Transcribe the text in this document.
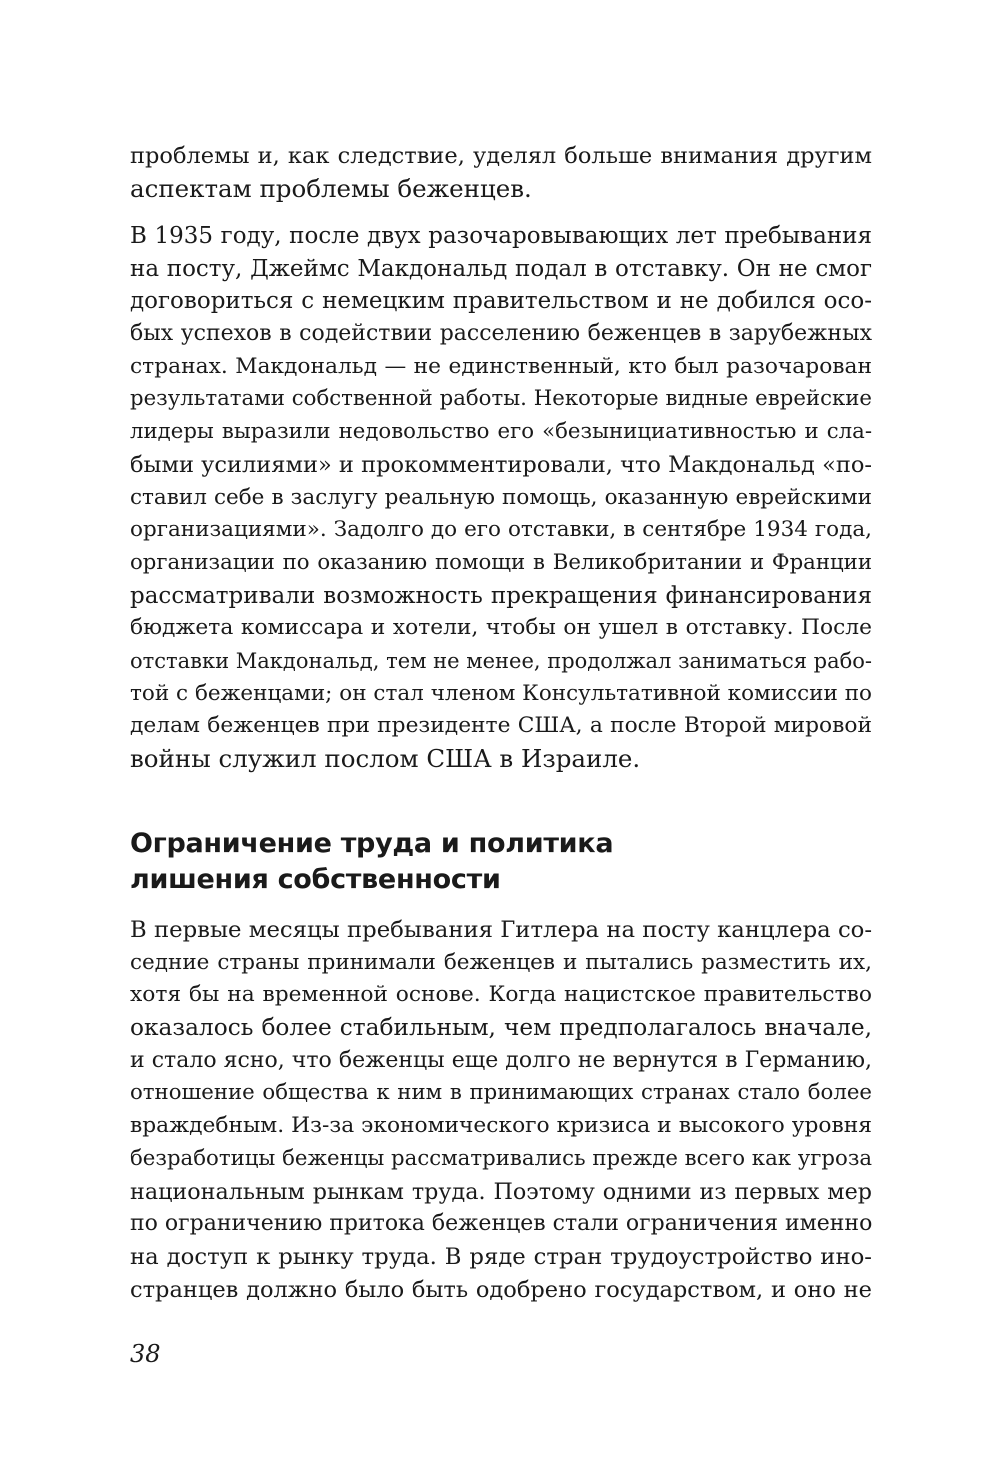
проблемы и, как следствие, уделял больше внимания другим
аспектам проблемы беженцев.
В 1935 году, после двух разочаровывающих лет пребывания
на посту, Джеймс Макдональд подал в отставку. Он не смог
договориться с немецким правительством и не добился осо-
бых успехов в содействии расселению беженцев в зарубежных
странах. Макдональд — не единственный, кто был разочарован
результатами собственной работы. Некоторые видные еврейские
лидеры выразили недовольство его «безынициативностью и сла-
быми усилиями» и прокомментировали, что Макдональд «по-
ставил себе в заслугу реальную помощь, оказанную еврейскими
организациями». Задолго до его отставки, в сентябре 1934 года,
организации по оказанию помощи в Великобритании и Франции
рассматривали возможность прекращения финансирования
бюджета комиссара и хотели, чтобы он ушел в отставку. После
отставки Макдональд, тем не менее, продолжал заниматься рабо-
той с беженцами; он стал членом Консультативной комиссии по
делам беженцев при президенте США, а после Второй мировой
войны служил послом США в Израиле.
Ограничение труда и политика
лишения собственности
В первые месяцы пребывания Гитлера на посту канцлера со-
седние страны принимали беженцев и пытались разместить их,
хотя бы на временной основе. Когда нацистское правительство
оказалось более стабильным, чем предполагалось вначале,
и стало ясно, что беженцы еще долго не вернутся в Германию,
отношение общества к ним в принимающих странах стало более
враждебным. Из-за экономического кризиса и высокого уровня
безработицы беженцы рассматривались прежде всего как угроза
национальным рынкам труда. Поэтому одними из первых мер
по ограничению притока беженцев стали ограничения именно
на доступ к рынку труда. В ряде стран трудоустройство ино-
странцев должно было быть одобрено государством, и оно не
38
